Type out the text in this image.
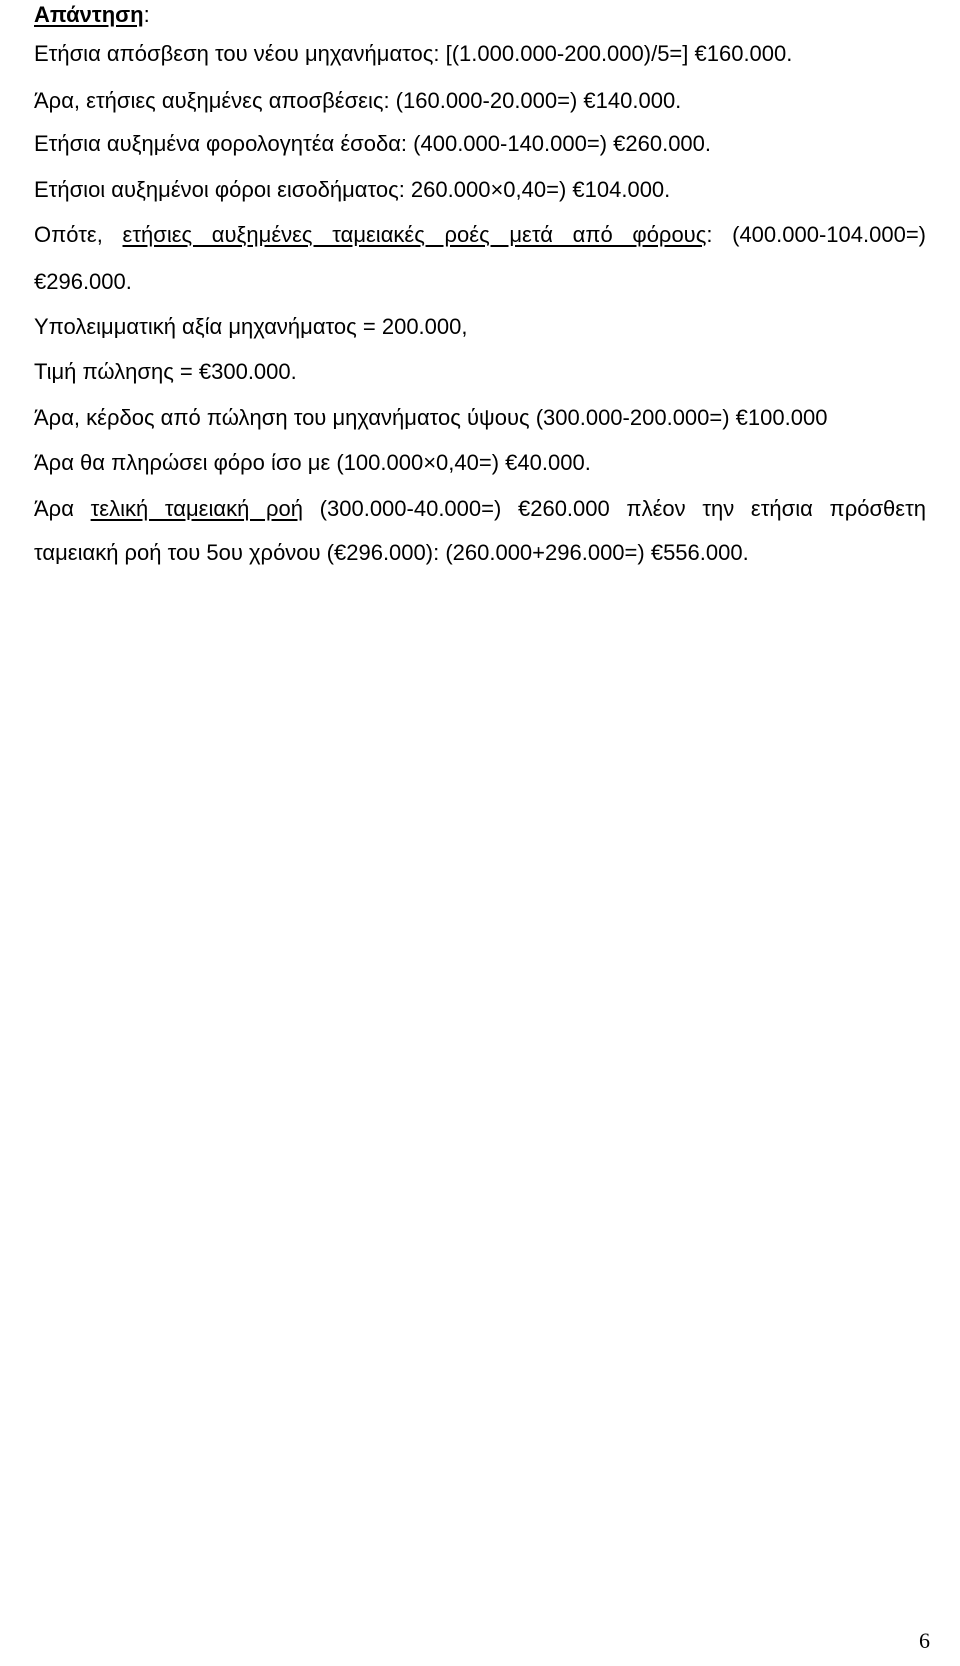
Απάντηση:
Ετήσια απόσβεση του νέου μηχανήματος: [(1.000.000-200.000)/5=] €160.000.
Άρα, ετήσιες αυξημένες αποσβέσεις: (160.000-20.000=) €140.000.
Ετήσια αυξημένα φορολογητέα έσοδα: (400.000-140.000=) €260.000.
Ετήσιοι αυξημένοι φόροι εισοδήματος: 260.000×0,40=) €104.000.
Οπότε, ετήσιες αυξημένες ταμειακές ροές μετά από φόρους: (400.000-104.000=)
€296.000.
Υπολειμματική αξία μηχανήματος = 200.000,
Τιμή πώλησης = €300.000.
Άρα, κέρδος από πώληση του μηχανήματος ύψους (300.000-200.000=) €100.000
Άρα θα πληρώσει φόρο ίσο με (100.000×0,40=) €40.000.
Άρα τελική ταμειακή ροή (300.000-40.000=) €260.000 πλέον την ετήσια πρόσθετη
ταμειακή ροή του 5ου χρόνου (€296.000): (260.000+296.000=) €556.000.
6
